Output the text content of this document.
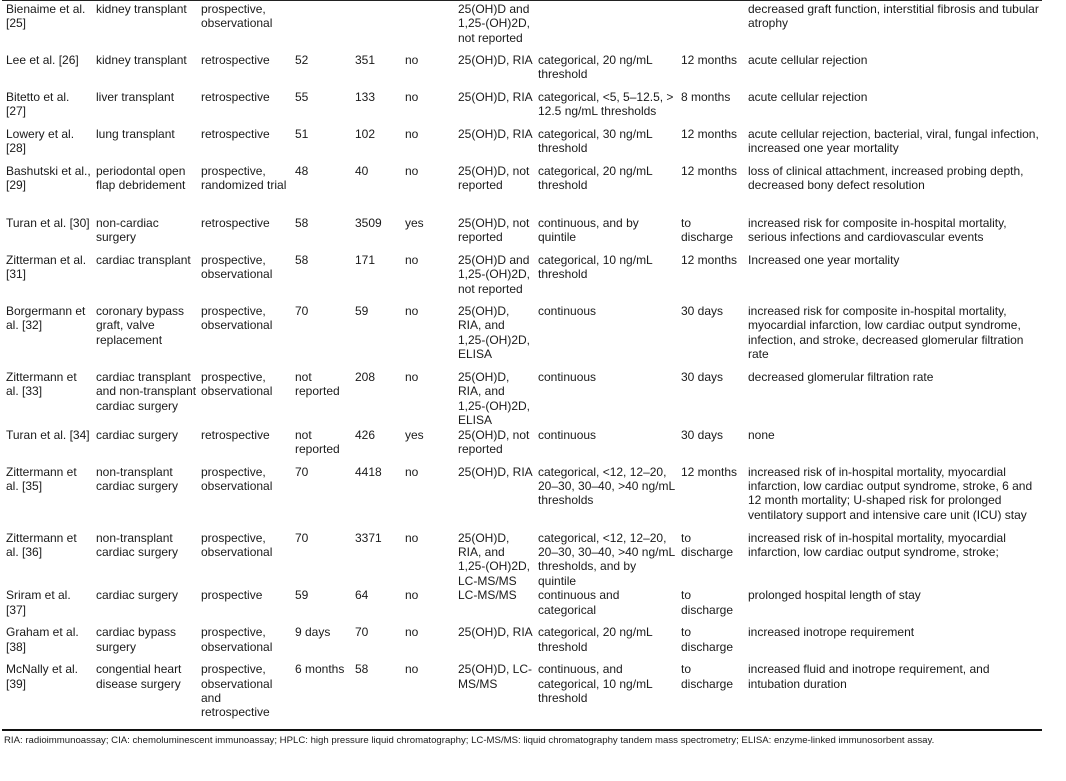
Bienaime et al. [25]	kidney transplant	prospective, observational				25(OH)D and 1,25-(OH)2D, not reported			decreased graft function, interstitial fibrosis and tubular atrophy
Lee et al. [26]	kidney transplant	retrospective	52	351	no	25(OH)D, RIA	categorical, 20 ng/mL threshold	12 months	acute cellular rejection
Bitetto et al. [27]	liver transplant	retrospective	55	133	no	25(OH)D, RIA	categorical, <5, 5–12.5, > 12.5 ng/mL thresholds	8 months	acute cellular rejection
Lowery et al. [28]	lung transplant	retrospective	51	102	no	25(OH)D, RIA	categorical, 30 ng/mL threshold	12 months	acute cellular rejection, bacterial, viral, fungal infection, increased one year mortality
Bashutski et al., [29]	periodontal open flap debridement	prospective, randomized trial	48	40	no	25(OH)D, not reported	categorical, 20 ng/mL threshold	12 months	loss of clinical attachment, increased probing depth, decreased bony defect resolution
Turan et al. [30]	non-cardiac surgery	retrospective	58	3509	yes	25(OH)D, not reported	continuous, and by quintile	to discharge	increased risk for composite in-hospital mortality, serious infections and cardiovascular events
Zitterman et al. [31]	cardiac transplant	prospective, observational	58	171	no	25(OH)D and 1,25-(OH)2D, not reported	categorical, 10 ng/mL threshold	12 months	Increased one year mortality
Borgermann et al. [32]	coronary bypass graft, valve replacement	prospective, observational	70	59	no	25(OH)D, RIA, and 1,25-(OH)2D, ELISA	continuous	30 days	increased risk for composite in-hospital mortality, myocardial infarction, low cardiac output syndrome, infection, and stroke, decreased glomerular filtration rate
Zittermann et al. [33]	cardiac transplant and non-transplant cardiac surgery	prospective, observational	not reported	208	no	25(OH)D, RIA, and 1,25-(OH)2D, ELISA	continuous	30 days	decreased glomerular filtration rate
Turan et al. [34]	cardiac surgery	retrospective	not reported	426	yes	25(OH)D, not reported	continuous	30 days	none
Zittermann et al. [35]	non-transplant cardiac surgery	prospective, observational	70	4418	no	25(OH)D, RIA	categorical, <12, 12–20, 20–30, 30–40, >40 ng/mL thresholds	12 months	increased risk of in-hospital mortality, myocardial infarction, low cardiac output syndrome, stroke, 6 and 12 month mortality; U-shaped risk for prolonged ventilatory support and intensive care unit (ICU) stay
Zittermann et al. [36]	non-transplant cardiac surgery	prospective, observational	70	3371	no	25(OH)D, RIA, and 1,25-(OH)2D, LC-MS/MS	categorical, <12, 12–20, 20–30, 30–40, >40 ng/mL thresholds, and by quintile	to discharge	increased risk of in-hospital mortality, myocardial infarction, low cardiac output syndrome, stroke;
Sriram et al. [37]	cardiac surgery	prospective	59	64	no	LC-MS/MS	continuous and categorical	to discharge	prolonged hospital length of stay
Graham et al. [38]	cardiac bypass surgery	prospective, observational	9 days	70	no	25(OH)D, RIA	categorical, 20 ng/mL threshold	to discharge	increased inotrope requirement
McNally et al. [39]	congential heart disease surgery	prospective, observational and retrospective	6 months	58	no	25(OH)D, LC-MS/MS	continuous, and categorical, 10 ng/mL threshold	to discharge	increased fluid and inotrope requirement, and intubation duration
RIA: radioimmunoassay; CIA: chemoluminescent immunoassay; HPLC: high pressure liquid chromatography; LC-MS/MS: liquid chromatography tandem mass spectrometry; ELISA: enzyme-linked immunosorbent assay.
